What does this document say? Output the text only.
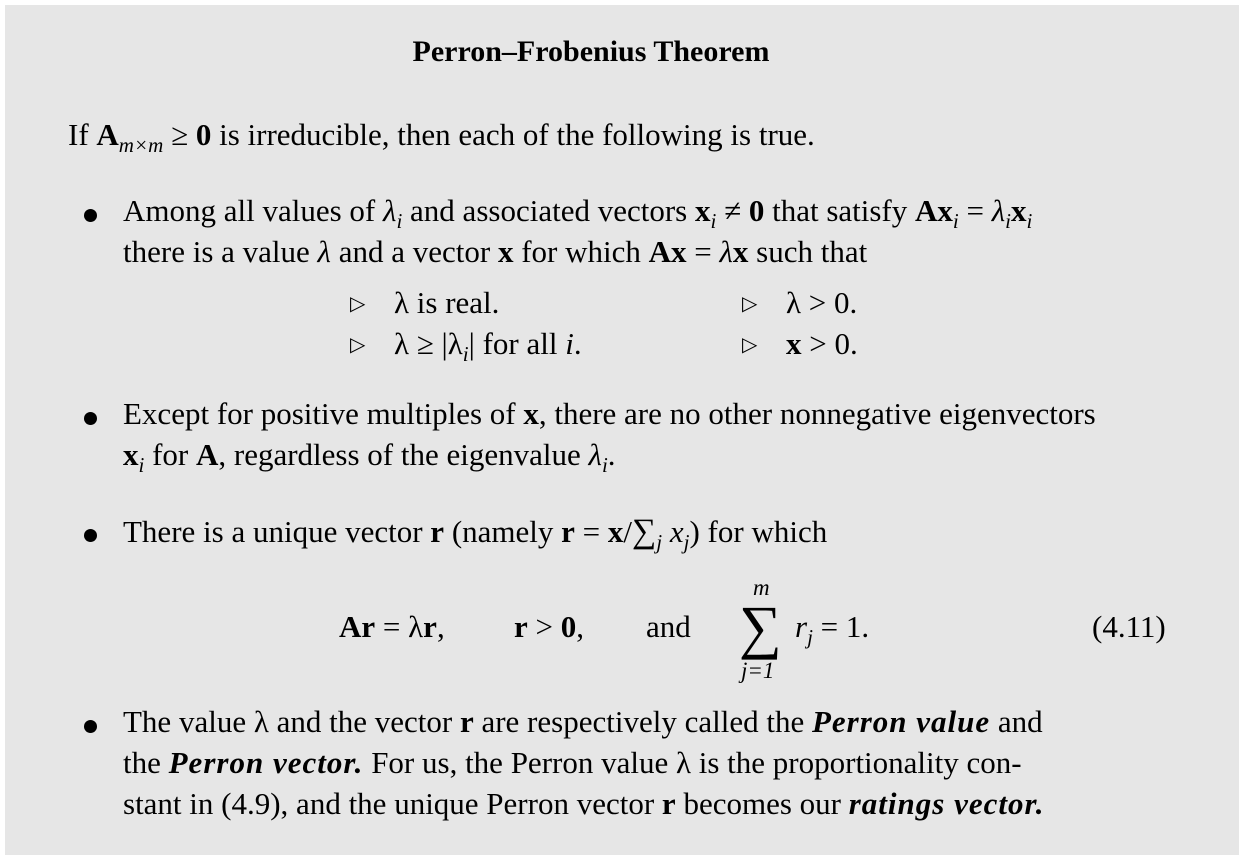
Perron–Frobenius Theorem
If $A_{m\times m} \ge 0$ is irreducible, then each of the following is true.
Among all values of $\lambda_i$ and associated vectors $x_i \ne 0$ that satisfy $Ax_i = \lambda_ix_i$
there is a value λ and a vector x for which Ax = λx such that
▷ λ is real.
▷ $\lambda \ge |\lambda_i|$ for all i.
▷ λ > 0.
▷ x > 0.
Except for positive multiples of x, there are no other nonnegative eigenvectors
$x_i$ for A, regardless of the eigenvalue $\lambda_i$.
There is a unique vector r (namely $r = x/\sum_j$ $x_j$) for which
Ar = λr, r > 0, and
m
∑
j=1
$r_j = 1$.	(4.11)
The value λ and the vector r are respectively called the Perron value and
the Perron vector. For us, the Perron value λ is the proportionality con-
stant in (4.9), and the unique Perron vector r becomes our ratings vector.
